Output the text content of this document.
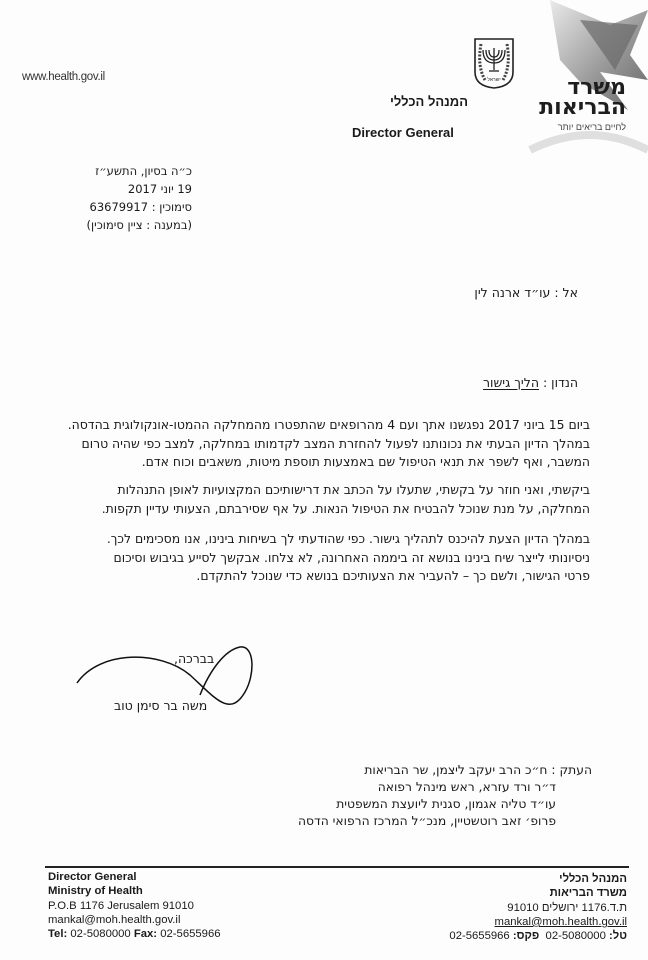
www.health.gov.il	משרד
הבריאות
לחיים בריאים יותר
ישראל
המנהל הכללי
Director General
כ״ה בסיון, התשע״ז
19 יוני 2017
סימוכין : 63679917
(במענה : ציין סימוכין)
אל : עו״ד ארנה לין
הנדון : הליך גישור
ביום 15 ביוני 2017 נפגשנו אתך ועם 4 מהרופאים שהתפטרו מהמחלקה ההמטו-אונקולוגית בהדסה.
במהלך הדיון הבעתי את נכונותנו לפעול להחזרת המצב לקדמותו במחלקה, למצב כפי שהיה טרום
המשבר, ואף לשפר את תנאי הטיפול שם באמצעות תוספת מיטות, משאבים וכוח אדם.
ביקשתי, ואני חוזר על בקשתי, שתעלו על הכתב את דרישותיכם המקצועיות לאופן התנהלות
המחלקה, על מנת שנוכל להבטיח את הטיפול הנאות. על אף שסירבתם, הצעותי עדיין תקפות.
במהלך הדיון הצעת להיכנס לתהליך גישור. כפי שהודעתי לך בשיחות בינינו, אנו מסכימים לכך.
ניסיונותי לייצר שיח בינינו בנושא זה ביממה האחרונה, לא צלחו. אבקשך לסייע בגיבוש וסיכום
פרטי הגישור, ולשם כך – להעביר את הצעותיכם בנושא כדי שנוכל להתקדם.
בברכה,
משה בר סימן טוב
העתק : ח״כ הרב יעקב ליצמן, שר הבריאות
ד״ר ורד עזרא, ראש מינהל רפואה
עו״ד טליה אגמון, סגנית ליועצת המשפטית
פרופ׳ זאב רוטשטיין, מנכ״ל המרכז הרפואי הדסה
Director General
Ministry of Health
P.O.B 1176 Jerusalem 91010
mankal@moh.health.gov.il
Tel: 02-5080000 Fax: 02-5655966
המנהל הכללי
משרד הבריאות
ת.ד.1176 ירושלים 91010
mankal@moh.health.gov.il
טל: 02-5080000  פקס: 02-5655966
